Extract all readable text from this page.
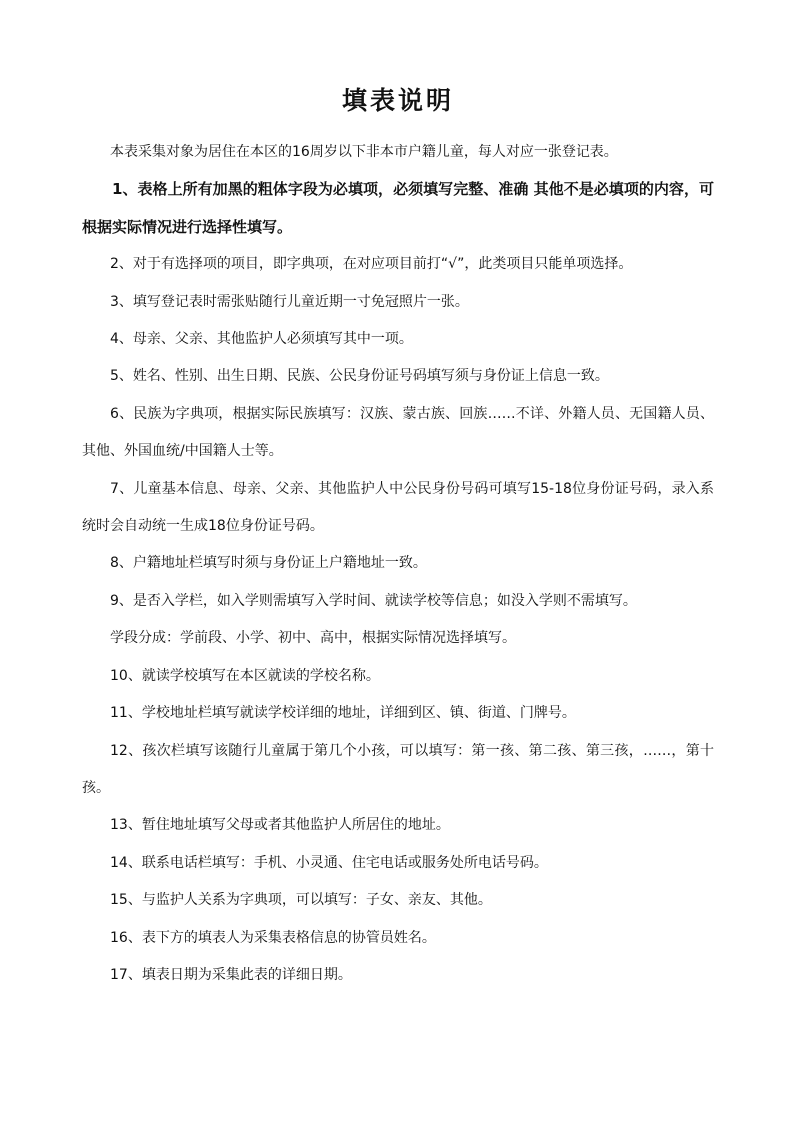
填表说明

本表采集对象为居住在本区的16周岁以下非本市户籍儿童，每人对应一张登记表。

1、表格上所有加黑的粗体字段为必填项，必须填写完整、准确 其他不是必填项的内容，可根据实际情况进行选择性填写。

2、对于有选择项的项目，即字典项，在对应项目前打“√”，此类项目只能单项选择。

3、填写登记表时需张贴随行儿童近期一寸免冠照片一张。

4、母亲、父亲、其他监护人必须填写其中一项。

5、姓名、性别、出生日期、民族、公民身份证号码填写须与身份证上信息一致。

6、民族为字典项，根据实际民族填写：汉族、蒙古族、回族……不详、外籍人员、无国籍人员、其他、外国血统/中国籍人士等。

7、儿童基本信息、母亲、父亲、其他监护人中公民身份号码可填写15-18位身份证号码，录入系统时会自动统一生成18位身份证号码。

8、户籍地址栏填写时须与身份证上户籍地址一致。

9、是否入学栏，如入学则需填写入学时间、就读学校等信息；如没入学则不需填写。

学段分成：学前段、小学、初中、高中，根据实际情况选择填写。

10、就读学校填写在本区就读的学校名称。

11、学校地址栏填写就读学校详细的地址，详细到区、镇、街道、门牌号。

12、孩次栏填写该随行儿童属于第几个小孩，可以填写：第一孩、第二孩、第三孩，……，第十孩。

13、暂住地址填写父母或者其他监护人所居住的地址。

14、联系电话栏填写：手机、小灵通、住宅电话或服务处所电话号码。

15、与监护人关系为字典项，可以填写：子女、亲友、其他。

16、表下方的填表人为采集表格信息的协管员姓名。

17、填表日期为采集此表的详细日期。
